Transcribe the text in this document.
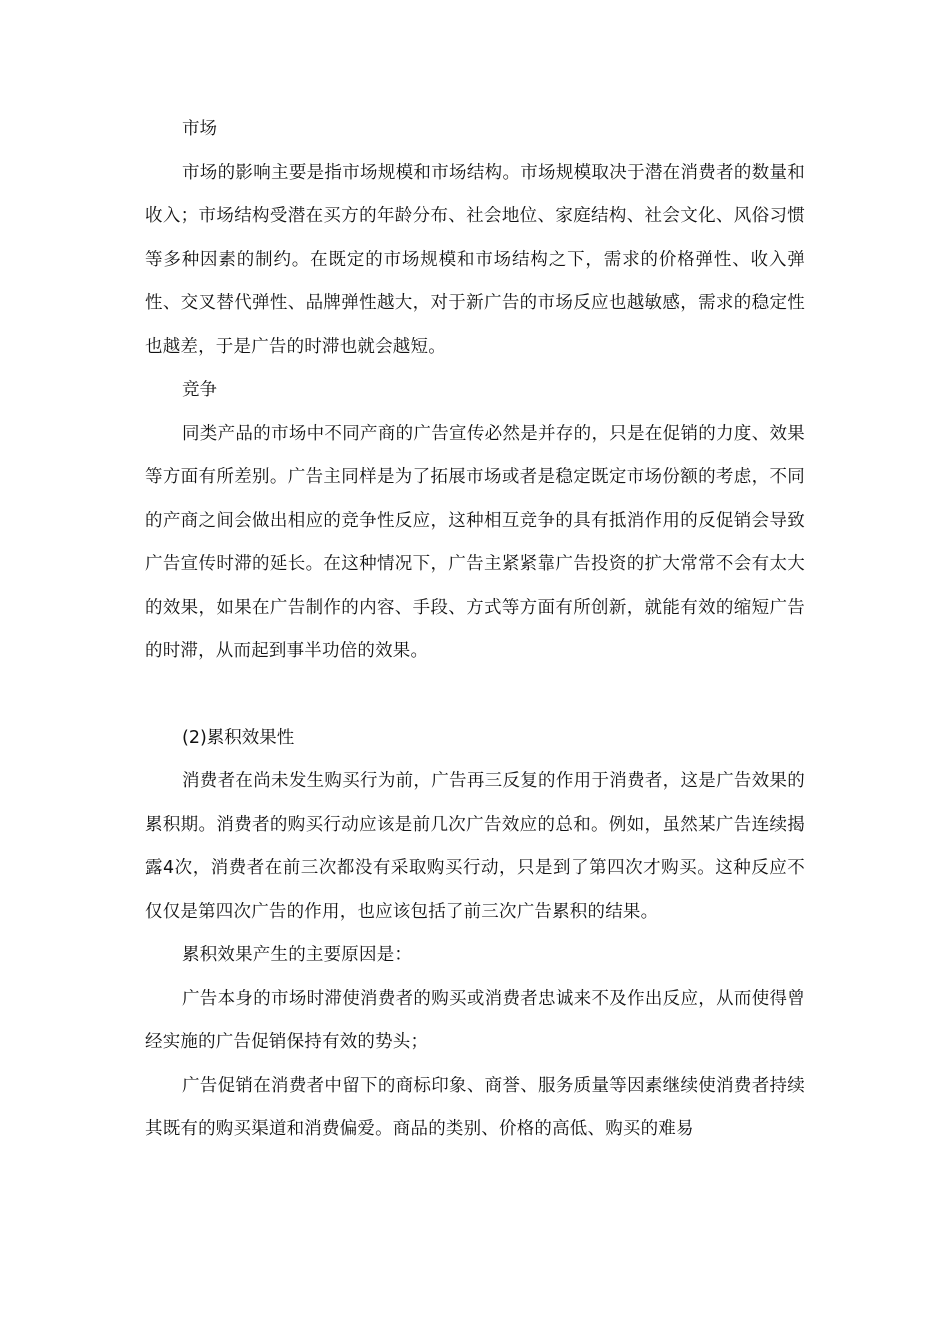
市场

市场的影响主要是指市场规模和市场结构。市场规模取决于潜在消费者的数量和收入；市场结构受潜在买方的年龄分布、社会地位、家庭结构、社会文化、风俗习惯等多种因素的制约。在既定的市场规模和市场结构之下，需求的价格弹性、收入弹性、交叉替代弹性、品牌弹性越大，对于新广告的市场反应也越敏感，需求的稳定性也越差，于是广告的时滞也就会越短。

竞争

同类产品的市场中不同产商的广告宣传必然是并存的，只是在促销的力度、效果等方面有所差别。广告主同样是为了拓展市场或者是稳定既定市场份额的考虑，不同的产商之间会做出相应的竞争性反应，这种相互竞争的具有抵消作用的反促销会导致广告宣传时滞的延长。在这种情况下，广告主紧紧靠广告投资的扩大常常不会有太大的效果，如果在广告制作的内容、手段、方式等方面有所创新，就能有效的缩短广告的时滞，从而起到事半功倍的效果。

(2)累积效果性

消费者在尚未发生购买行为前，广告再三反复的作用于消费者，这是广告效果的累积期。消费者的购买行动应该是前几次广告效应的总和。例如，虽然某广告连续揭露4次，消费者在前三次都没有采取购买行动，只是到了第四次才购买。这种反应不仅仅是第四次广告的作用，也应该包括了前三次广告累积的结果。

累积效果产生的主要原因是：

广告本身的市场时滞使消费者的购买或消费者忠诚来不及作出反应，从而使得曾经实施的广告促销保持有效的势头；

广告促销在消费者中留下的商标印象、商誉、服务质量等因素继续使消费者持续其既有的购买渠道和消费偏爱。商品的类别、价格的高低、购买的难易
